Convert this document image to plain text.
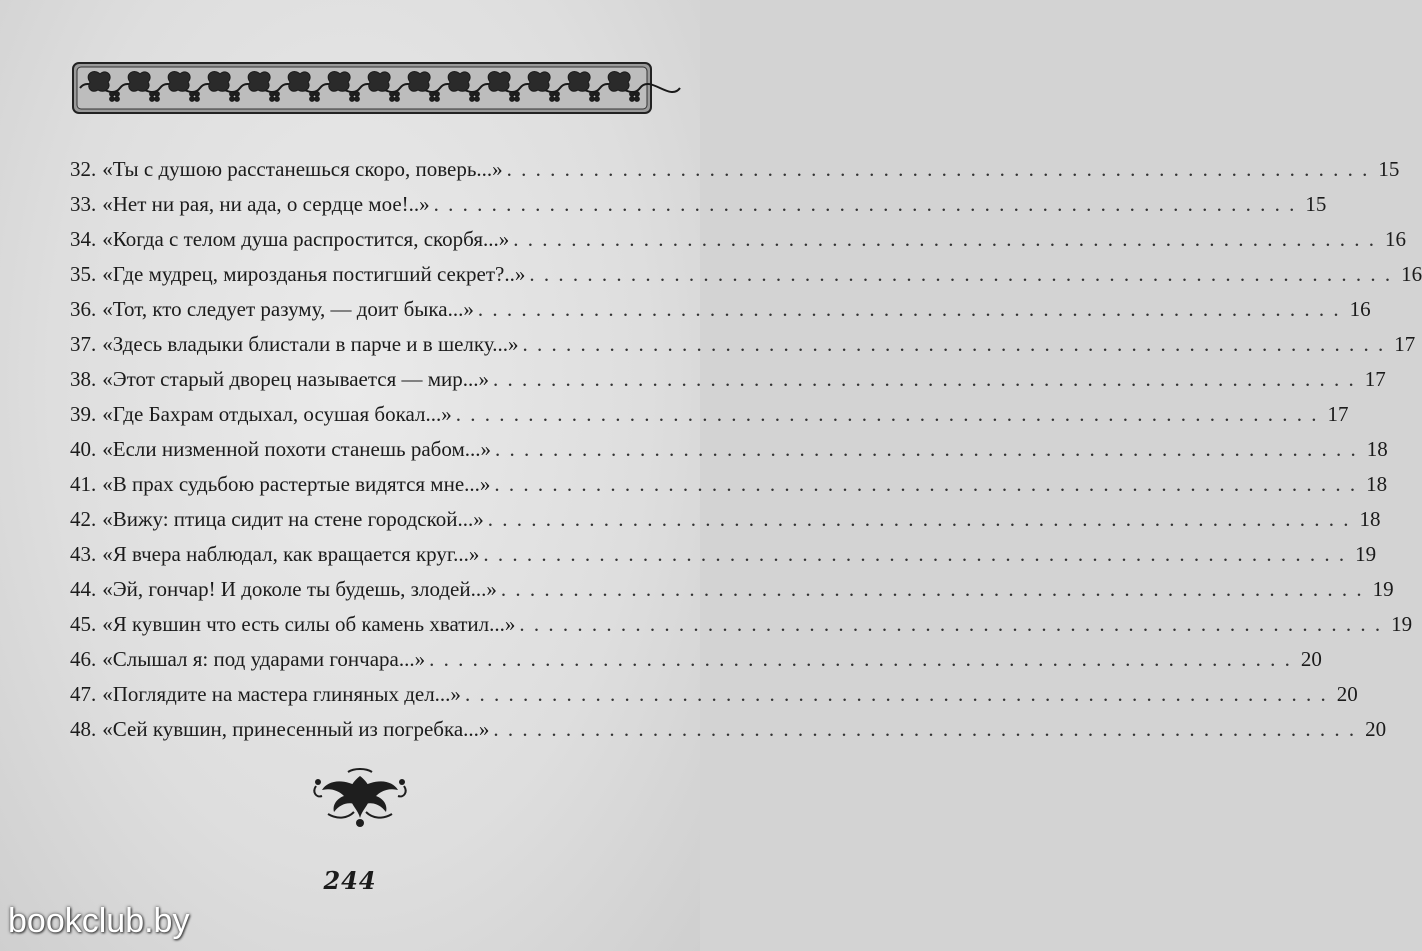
32. «Ты с душою расстанешься скоро, поверь...» . . . . . . . . . . . . . . . . . . . . . . . . . . . . . . . . . . . . . . . . . . . . . . . . . . . . . . . . . . . . 15
33. «Нет ни рая, ни ада, о сердце мое!..» . . . . . . . . . . . . . . . . . . . . . . . . . . . . . . . . . . . . . . . . . . . . . . . . . . . . . . . . . . . . 15
34. «Когда с телом душа распростится, скорбя...» . . . . . . . . . . . . . . . . . . . . . . . . . . . . . . . . . . . . . . . . . . . . . . . . . . . . . . . . . . . . 16
35. «Где мудрец, мирозданья постигший секрет?..» . . . . . . . . . . . . . . . . . . . . . . . . . . . . . . . . . . . . . . . . . . . . . . . . . . . . . . . . . . . . 16
36. «Тот, кто следует разуму, — доит быка...» . . . . . . . . . . . . . . . . . . . . . . . . . . . . . . . . . . . . . . . . . . . . . . . . . . . . . . . . . . . . 16
37. «Здесь владыки блистали в парче и в шелку...» . . . . . . . . . . . . . . . . . . . . . . . . . . . . . . . . . . . . . . . . . . . . . . . . . . . . . . . . . . . . 17
38. «Этот старый дворец называется — мир...» . . . . . . . . . . . . . . . . . . . . . . . . . . . . . . . . . . . . . . . . . . . . . . . . . . . . . . . . . . . . 17
39. «Где Бахрам отдыхал, осушая бокал...» . . . . . . . . . . . . . . . . . . . . . . . . . . . . . . . . . . . . . . . . . . . . . . . . . . . . . . . . . . . . 17
40. «Если низменной похоти станешь рабом...» . . . . . . . . . . . . . . . . . . . . . . . . . . . . . . . . . . . . . . . . . . . . . . . . . . . . . . . . . . . . 18
41. «В прах судьбою растертые видятся мне...» . . . . . . . . . . . . . . . . . . . . . . . . . . . . . . . . . . . . . . . . . . . . . . . . . . . . . . . . . . . . 18
42. «Вижу: птица сидит на стене городской...» . . . . . . . . . . . . . . . . . . . . . . . . . . . . . . . . . . . . . . . . . . . . . . . . . . . . . . . . . . . . 18
43. «Я вчера наблюдал, как вращается круг...» . . . . . . . . . . . . . . . . . . . . . . . . . . . . . . . . . . . . . . . . . . . . . . . . . . . . . . . . . . . . 19
44. «Эй, гончар! И доколе ты будешь, злодей...» . . . . . . . . . . . . . . . . . . . . . . . . . . . . . . . . . . . . . . . . . . . . . . . . . . . . . . . . . . . . 19
45. «Я кувшин что есть силы об камень хватил...» . . . . . . . . . . . . . . . . . . . . . . . . . . . . . . . . . . . . . . . . . . . . . . . . . . . . . . . . . . . . 19
46. «Слышал я: под ударами гончара...» . . . . . . . . . . . . . . . . . . . . . . . . . . . . . . . . . . . . . . . . . . . . . . . . . . . . . . . . . . . . 20
47. «Поглядите на мастера глиняных дел...» . . . . . . . . . . . . . . . . . . . . . . . . . . . . . . . . . . . . . . . . . . . . . . . . . . . . . . . . . . . . 20
48. «Сей кувшин, принесенный из погребка...» . . . . . . . . . . . . . . . . . . . . . . . . . . . . . . . . . . . . . . . . . . . . . . . . . . . . . . . . . . . . 20
244
bookclub.by
